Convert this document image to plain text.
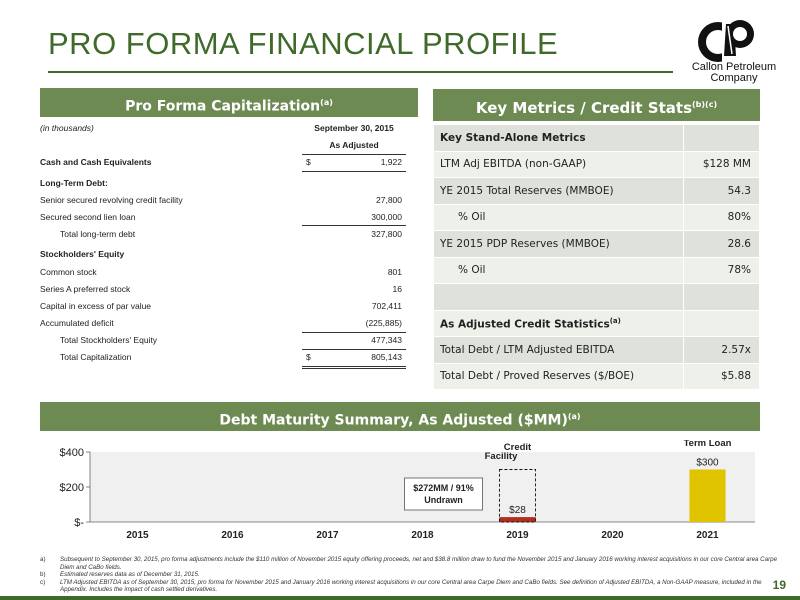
PRO FORMA FINANCIAL PROFILE
Callon Petroleum
Company
Pro Forma Capitalization$^{(a)}$
(in thousands)	September 30, 2015
As Adjusted
Cash and Cash Equivalents	$	1,922
Long-Term Debt:
Senior secured revolving credit facility	27,800
Secured second lien loan	300,000
Total long-term debt	327,800
Stockholders' Equity
Common stock	801
Series A preferred stock	16
Capital in excess of par value	702,411
Accumulated deficit	(225,885)
Total Stockholders' Equity	477,343
Total Capitalization	$	805,143
Key Metrics / Credit Stats$^{(b)(c)}$
Key Stand-Alone Metrics	
LTM Adj EBITDA (non-GAAP)	$128 MM
YE 2015 Total Reserves (MMBOE)	54.3
% Oil	80%
YE 2015 PDP Reserves (MMBOE)	28.6
% Oil	78%

As Adjusted Credit Statistics$^{(a)}$	
Total Debt / LTM Adjusted EBITDA	2.57x
Total Debt / Proved Reserves ($/BOE)	$5.88
Debt Maturity Summary, As Adjusted ($MM)$^{(a)}$
$-
$200
$400
2015	2016	2017	2018	2019
$28
2020	2021
$300
Credit	Term Loan
$272MM / 91%
Undrawn
a) Subsequent to September 30, 2015, pro forma adjustments include the $110 million of November 2015 equity offering proceeds, net and $38.8 million draw to fund the November 2015 and January 2016 working interest acquisitions in our core Central area Carpe Diem and CaBo fields.
b) Estimated reserves data as of December 31, 2015.
c) LTM Adjusted EBITDA as of September 30, 2015, pro forma for November 2015 and January 2016 working interest acquisitions in our core Central area Carpe Diem and CaBo fields. See definition of Adjusted EBITDA, a Non-GAAP measure, included in the Appendix. Includes the impact of cash settled derivatives.	19
Facility
